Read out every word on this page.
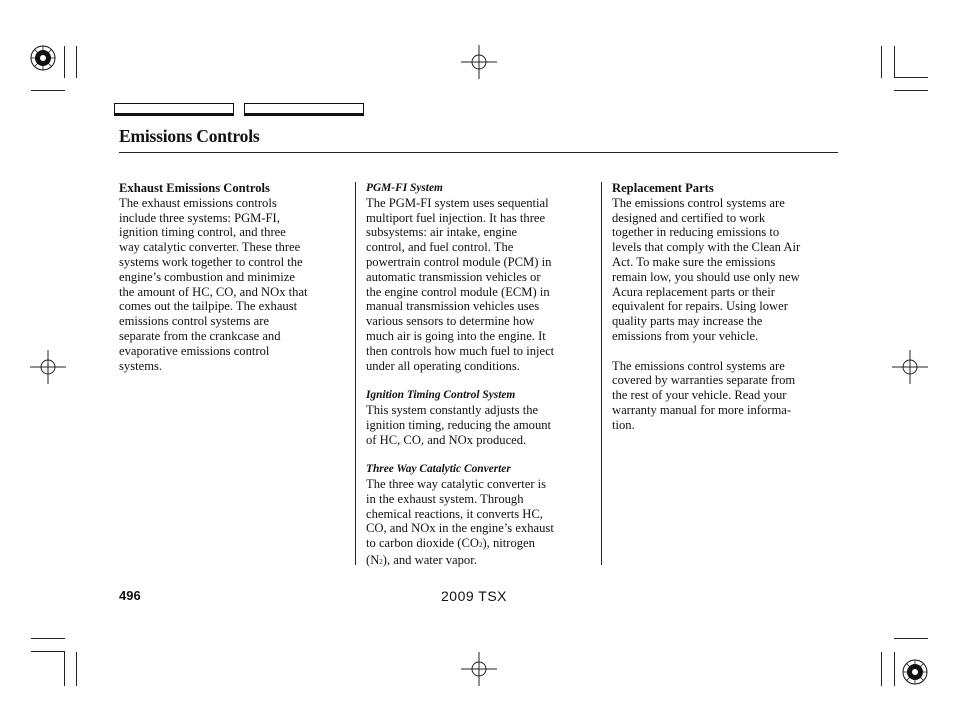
Emissions Controls

Exhaust Emissions Controls

The exhaust emissions controls

include three systems: PGM-FI,

ignition timing control, and three

way catalytic converter. These three

systems work together to control the

engine’s combustion and minimize

the amount of HC, CO, and NOx that

comes out the tailpipe. The exhaust

emissions control systems are

separate from the crankcase and

evaporative emissions control

systems.

PGM-FI System

The PGM-FI system uses sequential

multiport fuel injection. It has three

subsystems: air intake, engine

control, and fuel control. The

powertrain control module (PCM) in

automatic transmission vehicles or

the engine control module (ECM) in

manual transmission vehicles uses

various sensors to determine how

much air is going into the engine. It

then controls how much fuel to inject

under all operating conditions.

Ignition Timing Control System

This system constantly adjusts the

ignition timing, reducing the amount

of HC, CO, and NOx produced.

Three Way Catalytic Converter

The three way catalytic converter is

in the exhaust system. Through

chemical reactions, it converts HC,

CO, and NOx in the engine’s exhaust

to carbon dioxide (CO2), nitrogen

(N2), and water vapor.

Replacement Parts

The emissions control systems are

designed and certified to work

together in reducing emissions to

levels that comply with the Clean Air

Act. To make sure the emissions

remain low, you should use only new

Acura replacement parts or their

equivalent for repairs. Using lower

quality parts may increase the

emissions from your vehicle.

The emissions control systems are

covered by warranties separate from

the rest of your vehicle. Read your

warranty manual for more informa-

tion.

496	2009 TSX
